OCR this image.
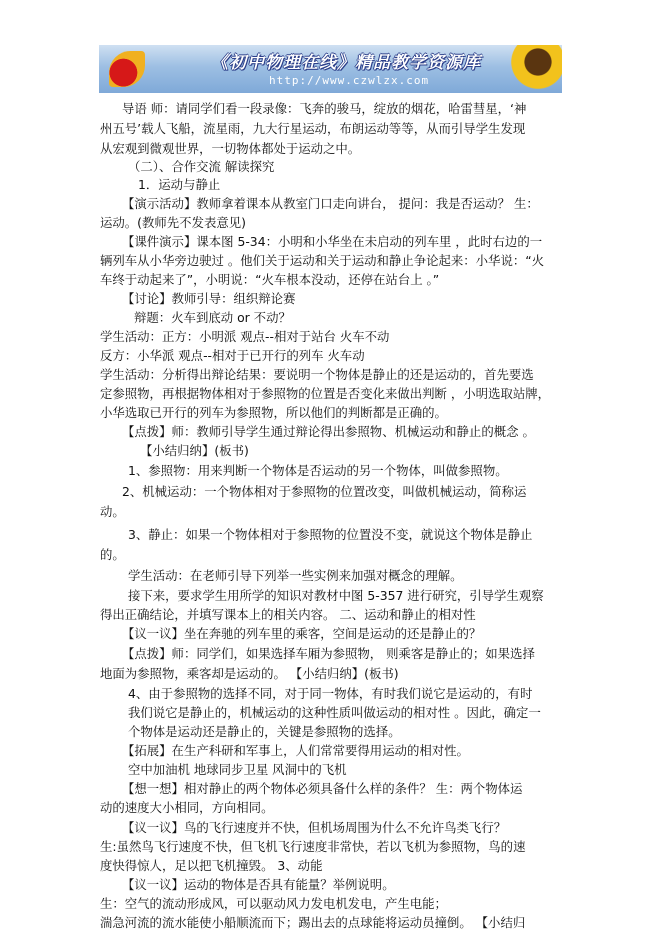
《初中物理在线》精品教学资源库
http://www.czwlzx.com
导语 师：请同学们看一段录像：飞奔的骏马，绽放的烟花，哈雷彗星，‘神
州五号’载人飞船，流星雨，九大行星运动，布朗运动等等，从而引导学生发现
从宏观到微观世界，一切物体都处于运动之中。
（二）、合作交流 解读探究
1．运动与静止
【演示活动】教师拿着课本从教室门口走向讲台， 提问：我是否运动？ 生：
运动。(教师先不发表意见)
【课件演示】课本图 5-34：小明和小华坐在未启动的列车里 ，此时右边的一
辆列车从小华旁边驶过 。他们关于运动和关于运动和静止争论起来：小华说：“火
车终于动起来了”，小明说：“火车根本没动，还停在站台上 。”
【讨论】教师引导：组织辩论赛
辩题：火车到底动 or 不动？
学生活动：正方：小明派 观点--相对于站台 火车不动
反方：小华派 观点--相对于已开行的列车 火车动
学生活动：分析得出辩论结果：要说明一个物体是静止的还是运动的，首先要选
定参照物，再根据物体相对于参照物的位置是否变化来做出判断 ，小明选取站牌，
小华选取已开行的列车为参照物，所以他们的判断都是正确的。
【点拨】师：教师引导学生通过辩论得出参照物、机械运动和静止的概念 。
【小结归纳】(板书)
1、参照物：用来判断一个物体是否运动的另一个物体，叫做参照物。
2、机械运动：一个物体相对于参照物的位置改变，叫做机械运动，简称运
动。
3、静止：如果一个物体相对于参照物的位置没不变，就说这个物体是静止
的。
学生活动：在老师引导下列举一些实例来加强对概念的理解。
接下来，要求学生用所学的知识对教材中图 5-357 进行研究，引导学生观察
得出正确结论，并填写课本上的相关内容。 二、运动和静止的相对性
【议一议】坐在奔驰的列车里的乘客，空间是运动的还是静止的？
【点拨】师：同学们，如果选择车厢为参照物， 则乘客是静止的；如果选择
地面为参照物，乘客却是运动的。 【小结归纳】(板书)
4、由于参照物的选择不同，对于同一物体，有时我们说它是运动的，有时
我们说它是静止的，机械运动的这种性质叫做运动的相对性 。因此，确定一
个物体是运动还是静止的，关键是参照物的选择。
【拓展】在生产科研和军事上，人们常常要得用运动的相对性。
空中加油机 地球同步卫星 风洞中的飞机
【想一想】相对静止的两个物体必须具备什么样的条件？ 生：两个物体运
动的速度大小相同，方向相同。
【议一议】鸟的飞行速度并不快，但机场周围为什么不允许鸟类飞行？
生:虽然鸟飞行速度不快，但飞机飞行速度非常快，若以飞机为参照物，鸟的速
度快得惊人，足以把飞机撞毁。 3、动能
【议一议】运动的物体是否具有能量？举例说明。
生：空气的流动形成风，可以驱动风力发电机发电，产生电能；
湍急河流的流水能使小船顺流而下；踢出去的点球能将运动员撞倒。 【小结归
